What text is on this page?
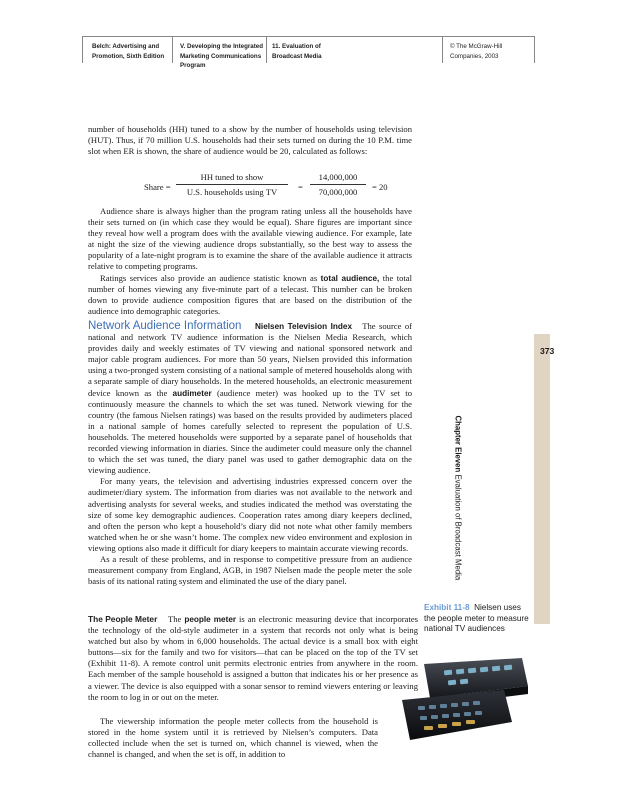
Belch: Advertising and Promotion, Sixth Edition
V. Developing the Integrated Marketing Communications Program
11. Evaluation of Broadcast Media
© The McGraw-Hill Companies, 2003

number of households (HH) tuned to a show by the number of households using television (HUT). Thus, if 70 million U.S. households had their sets turned on during the 10 P.M. time slot when ER is shown, the share of audience would be 20, calculated as follows:

Share =
HH tuned to show
U.S. households using TV	= $\frac{14,000,000}{70,000,000} = 20$

Audience share is always higher than the program rating unless all the households have their sets turned on (in which case they would be equal). Share figures are important since they reveal how well a program does with the available viewing audience. For example, late at night the size of the viewing audience drops substantially, so the best way to assess the popularity of a late-night program is to examine the share of the available audience it attracts relative to competing programs.

Ratings services also provide an audience statistic known as total audience, the total number of homes viewing any five-minute part of a telecast. This number can be broken down to provide audience composition figures that are based on the distribution of the audience into demographic categories.

Network Audience Information	Nielsen Television Index The source of national and network TV audience information is the Nielsen Media Research, which provides daily and weekly estimates of TV viewing and national sponsored network and major cable program audiences. For more than 50 years, Nielsen provided this information using a two-pronged system consisting of a national sample of metered households along with a separate sample of diary households. In the metered households, an electronic measurement device known as the audimeter (audience meter) was hooked up to the TV set to continuously measure the channels to which the set was tuned. Network viewing for the country (the famous Nielsen ratings) was based on the results provided by audimeters placed in a national sample of homes carefully selected to represent the population of U.S. households. The metered households were supported by a separate panel of households that recorded viewing information in diaries. Since the audimeter could measure only the channel to which the set was tuned, the diary panel was used to gather demographic data on the viewing audience.

For many years, the television and advertising industries expressed concern over the audimeter/diary system. The information from diaries was not available to the network and advertising analysts for several weeks, and studies indicated the method was overstating the size of some key demographic audiences. Cooperation rates among diary keepers declined, and often the person who kept a household’s diary did not note what other family members watched when he or she wasn’t home. The complex new video environment and explosion in viewing options also made it difficult for diary keepers to maintain accurate viewing records.

As a result of these problems, and in response to competitive pressure from an audience measurement company from England, AGB, in 1987 Nielsen made the people meter the sole basis of its national rating system and eliminated the use of the diary panel.

The People Meter	The people meter is an electronic measuring device that incorporates the technology of the old-style audimeter in a system that records not only what is being watched but also by whom in 6,000 households. The actual device is a small box with eight buttons—six for the family and two for visitors—that can be placed on the top of the TV set (Exhibit 11-8). A remote control unit permits electronic entries from anywhere in the room. Each member of the sample household is assigned a button that indicates his or her presence as a viewer. The device is also equipped with a sonar sensor to remind viewers entering or leaving the room to log in or out on the meter.

The viewership information the people meter collects from the household is stored in the home system until it is retrieved by Nielsen’s computers. Data collected include when the set is turned on, which channel is viewed, when the channel is changed, and when the set is off, in addition to

373
Chapter Eleven Evaluation of Broadcast Media
Exhibit 11-8 Nielsen uses the people meter to measure national TV audiences
